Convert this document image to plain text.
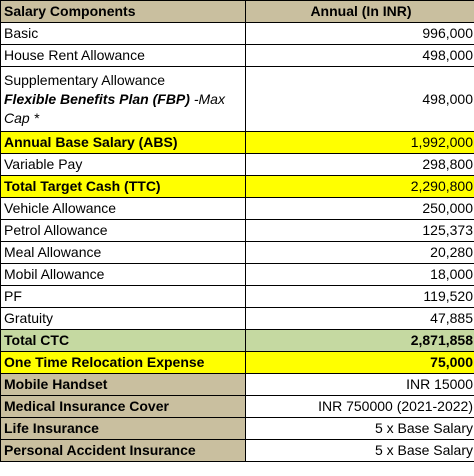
Salary Components	Annual (In INR)
Basic	996,000
House Rent Allowance	498,000
Supplementary Allowance
Flexible Benefits Plan (FBP) -Max Cap *	498,000
Annual Base Salary (ABS)	1,992,000
Variable Pay	298,800
Total Target Cash (TTC)	2,290,800
Vehicle Allowance	250,000
Petrol Allowance	125,373
Meal Allowance	20,280
Mobil Allowance	18,000
PF	119,520
Gratuity	47,885
Total CTC	2,871,858
One Time Relocation Expense	75,000
Mobile Handset	INR 15000
Medical Insurance Cover	INR 750000 (2021-2022)
Life Insurance	5 x Base Salary
Personal Accident Insurance	5 x Base Salary
